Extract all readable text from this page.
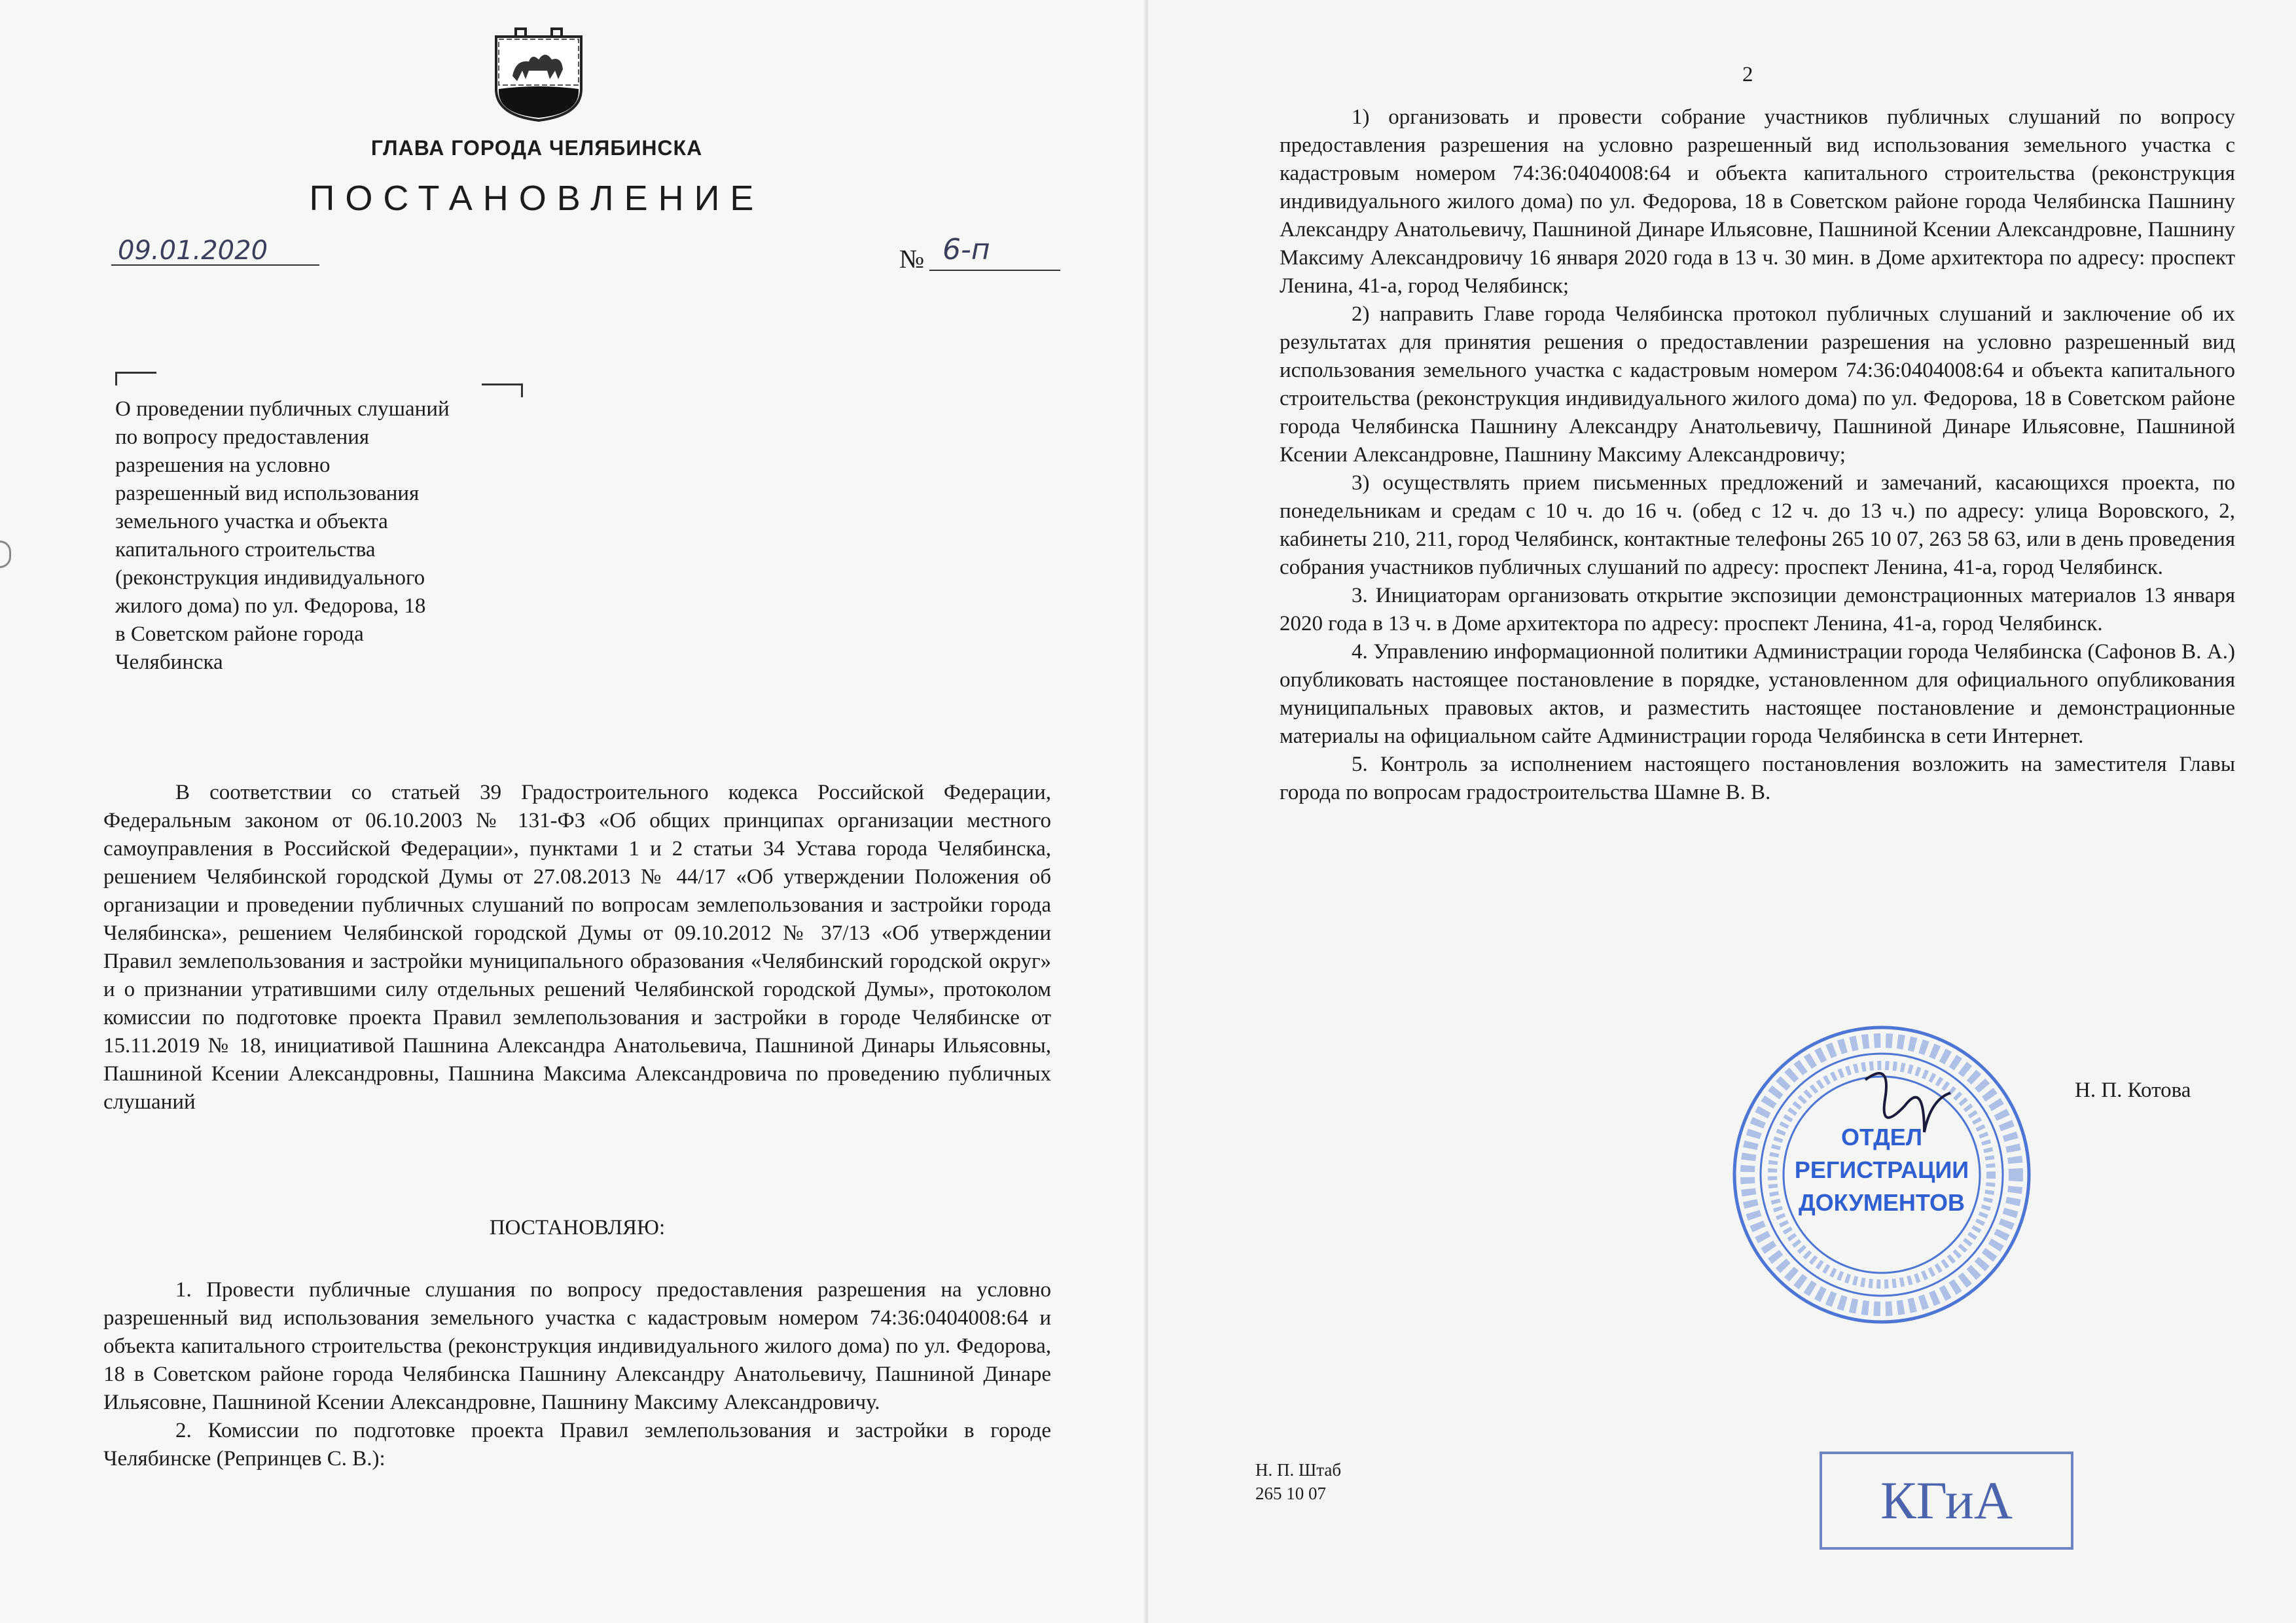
ГЛАВА ГОРОДА ЧЕЛЯБИНСКА
ПОСТАНОВЛЕНИЕ
09.01.2020	№ 6-п
О проведении публичных слушаний
по вопросу предоставления
разрешения на условно
разрешенный вид использования
земельного участка и объекта
капитального строительства
(реконструкция индивидуального
жилого дома) по ул. Федорова, 18
в Советском районе города
Челябинска

В соответствии со статьей 39 Градостроительного кодекса Российской Федерации, Федеральным законом от 06.10.2003 № 131-ФЗ «Об общих принципах организации местного самоуправления в Российской Федерации», пунктами 1 и 2 статьи 34 Устава города Челябинска, решением Челябинской городской Думы от 27.08.2013 № 44/17 «Об утверждении Положения об организации и проведении публичных слушаний по вопросам землепользования и застройки города Челябинска», решением Челябинской городской Думы от 09.10.2012 № 37/13 «Об утверждении Правил землепользования и застройки муниципального образования «Челябинский городской округ» и о признании утратившими силу отдельных решений Челябинской городской Думы», протоколом комиссии по подготовке проекта Правил землепользования и застройки в городе Челябинске от 15.11.2019 № 18, инициативой Пашнина Александра Анатольевича, Пашниной Динары Ильясовны, Пашниной Ксении Александровны, Пашнина Максима Александровича по проведению публичных слушаний

ПОСТАНОВЛЯЮ:

1. Провести публичные слушания по вопросу предоставления разрешения на условно разрешенный вид использования земельного участка с кадастровым номером 74:36:0404008:64 и объекта капитального строительства (реконструкция индивидуального жилого дома) по ул. Федорова, 18 в Советском районе города Челябинска Пашнину Александру Анатольевичу, Пашниной Динаре Ильясовне, Пашниной Ксении Александровне, Пашнину Максиму Александровичу.

2. Комиссии по подготовке проекта Правил землепользования и застройки в городе Челябинске (Репринцев С. В.):

2

1) организовать и провести собрание участников публичных слушаний по вопросу предоставления разрешения на условно разрешенный вид использования земельного участка с кадастровым номером 74:36:0404008:64 и объекта капитального строительства (реконструкция индивидуального жилого дома) по ул. Федорова, 18 в Советском районе города Челябинска Пашнину Александру Анатольевичу, Пашниной Динаре Ильясовне, Пашниной Ксении Александровне, Пашнину Максиму Александровичу 16 января 2020 года в 13 ч. 30 мин. в Доме архитектора по адресу: проспект Ленина, 41-а, город Челябинск;

2) направить Главе города Челябинска протокол публичных слушаний и заключение об их результатах для принятия решения о предоставлении разрешения на условно разрешенный вид использования земельного участка с кадастровым номером 74:36:0404008:64 и объекта капитального строительства (реконструкция индивидуального жилого дома) по ул. Федорова, 18 в Советском районе города Челябинска Пашнину Александру Анатольевичу, Пашниной Динаре Ильясовне, Пашниной Ксении Александровне, Пашнину Максиму Александровичу;

3) осуществлять прием письменных предложений и замечаний, касающихся проекта, по понедельникам и средам с 10 ч. до 16 ч. (обед с 12 ч. до 13 ч.) по адресу: улица Воровского, 2, кабинеты 210, 211, город Челябинск, контактные телефоны 265 10 07, 263 58 63, или в день проведения собрания участников публичных слушаний по адресу: проспект Ленина, 41-а, город Челябинск.

3. Инициаторам организовать открытие экспозиции демонстрационных материалов 13 января 2020 года в 13 ч. в Доме архитектора по адресу: проспект Ленина, 41-а, город Челябинск.

4. Управлению информационной политики Администрации города Челябинска (Сафонов В. А.) опубликовать настоящее постановление в порядке, установленном для официального опубликования муниципальных правовых актов, и разместить настоящее постановление и демонстрационные материалы на официальном сайте Администрации города Челябинска в сети Интернет.

5. Контроль за исполнением настоящего постановления возложить на заместителя Главы города по вопросам градостроительства Шамне В. В.

ОТДЕЛ
РЕГИСТРАЦИИ
ДОКУМЕНТОВ
Н. П. Котова
Н. П. Штаб
265 10 07	КГиА
